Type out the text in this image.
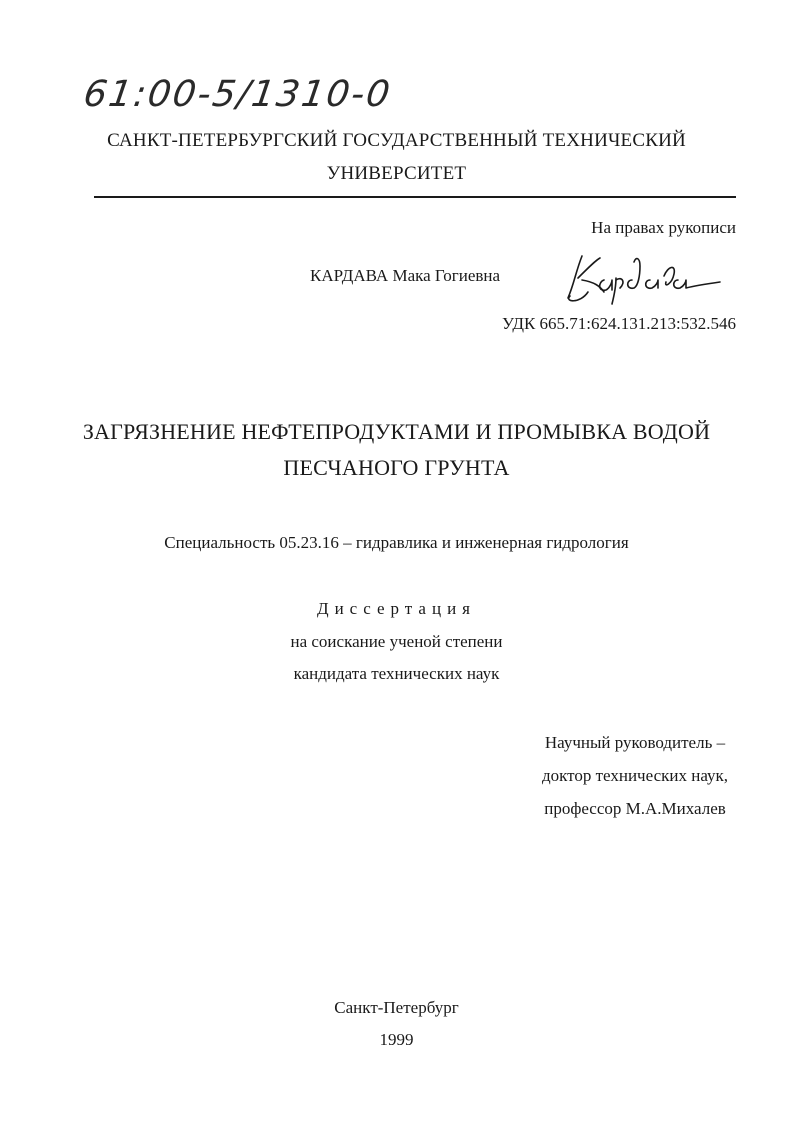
61:00-5/1310-0
САНКТ-ПЕТЕРБУРГСКИЙ ГОСУДАРСТВЕННЫЙ ТЕХНИЧЕСКИЙ
УНИВЕРСИТЕТ
На правах рукописи
КАРДАВА Мака Гогиевна
УДК 665.71:624.131.213:532.546
ЗАГРЯЗНЕНИЕ НЕФТЕПРОДУКТАМИ И ПРОМЫВКА ВОДОЙ
ПЕСЧАНОГО ГРУНТА
Специальность 05.23.16 – гидравлика и инженерная гидрология
Диссертация
на соискание ученой степени
кандидата технических наук
Научный руководитель –
доктор технических наук,
профессор М.А.Михалев
Санкт-Петербург
1999
